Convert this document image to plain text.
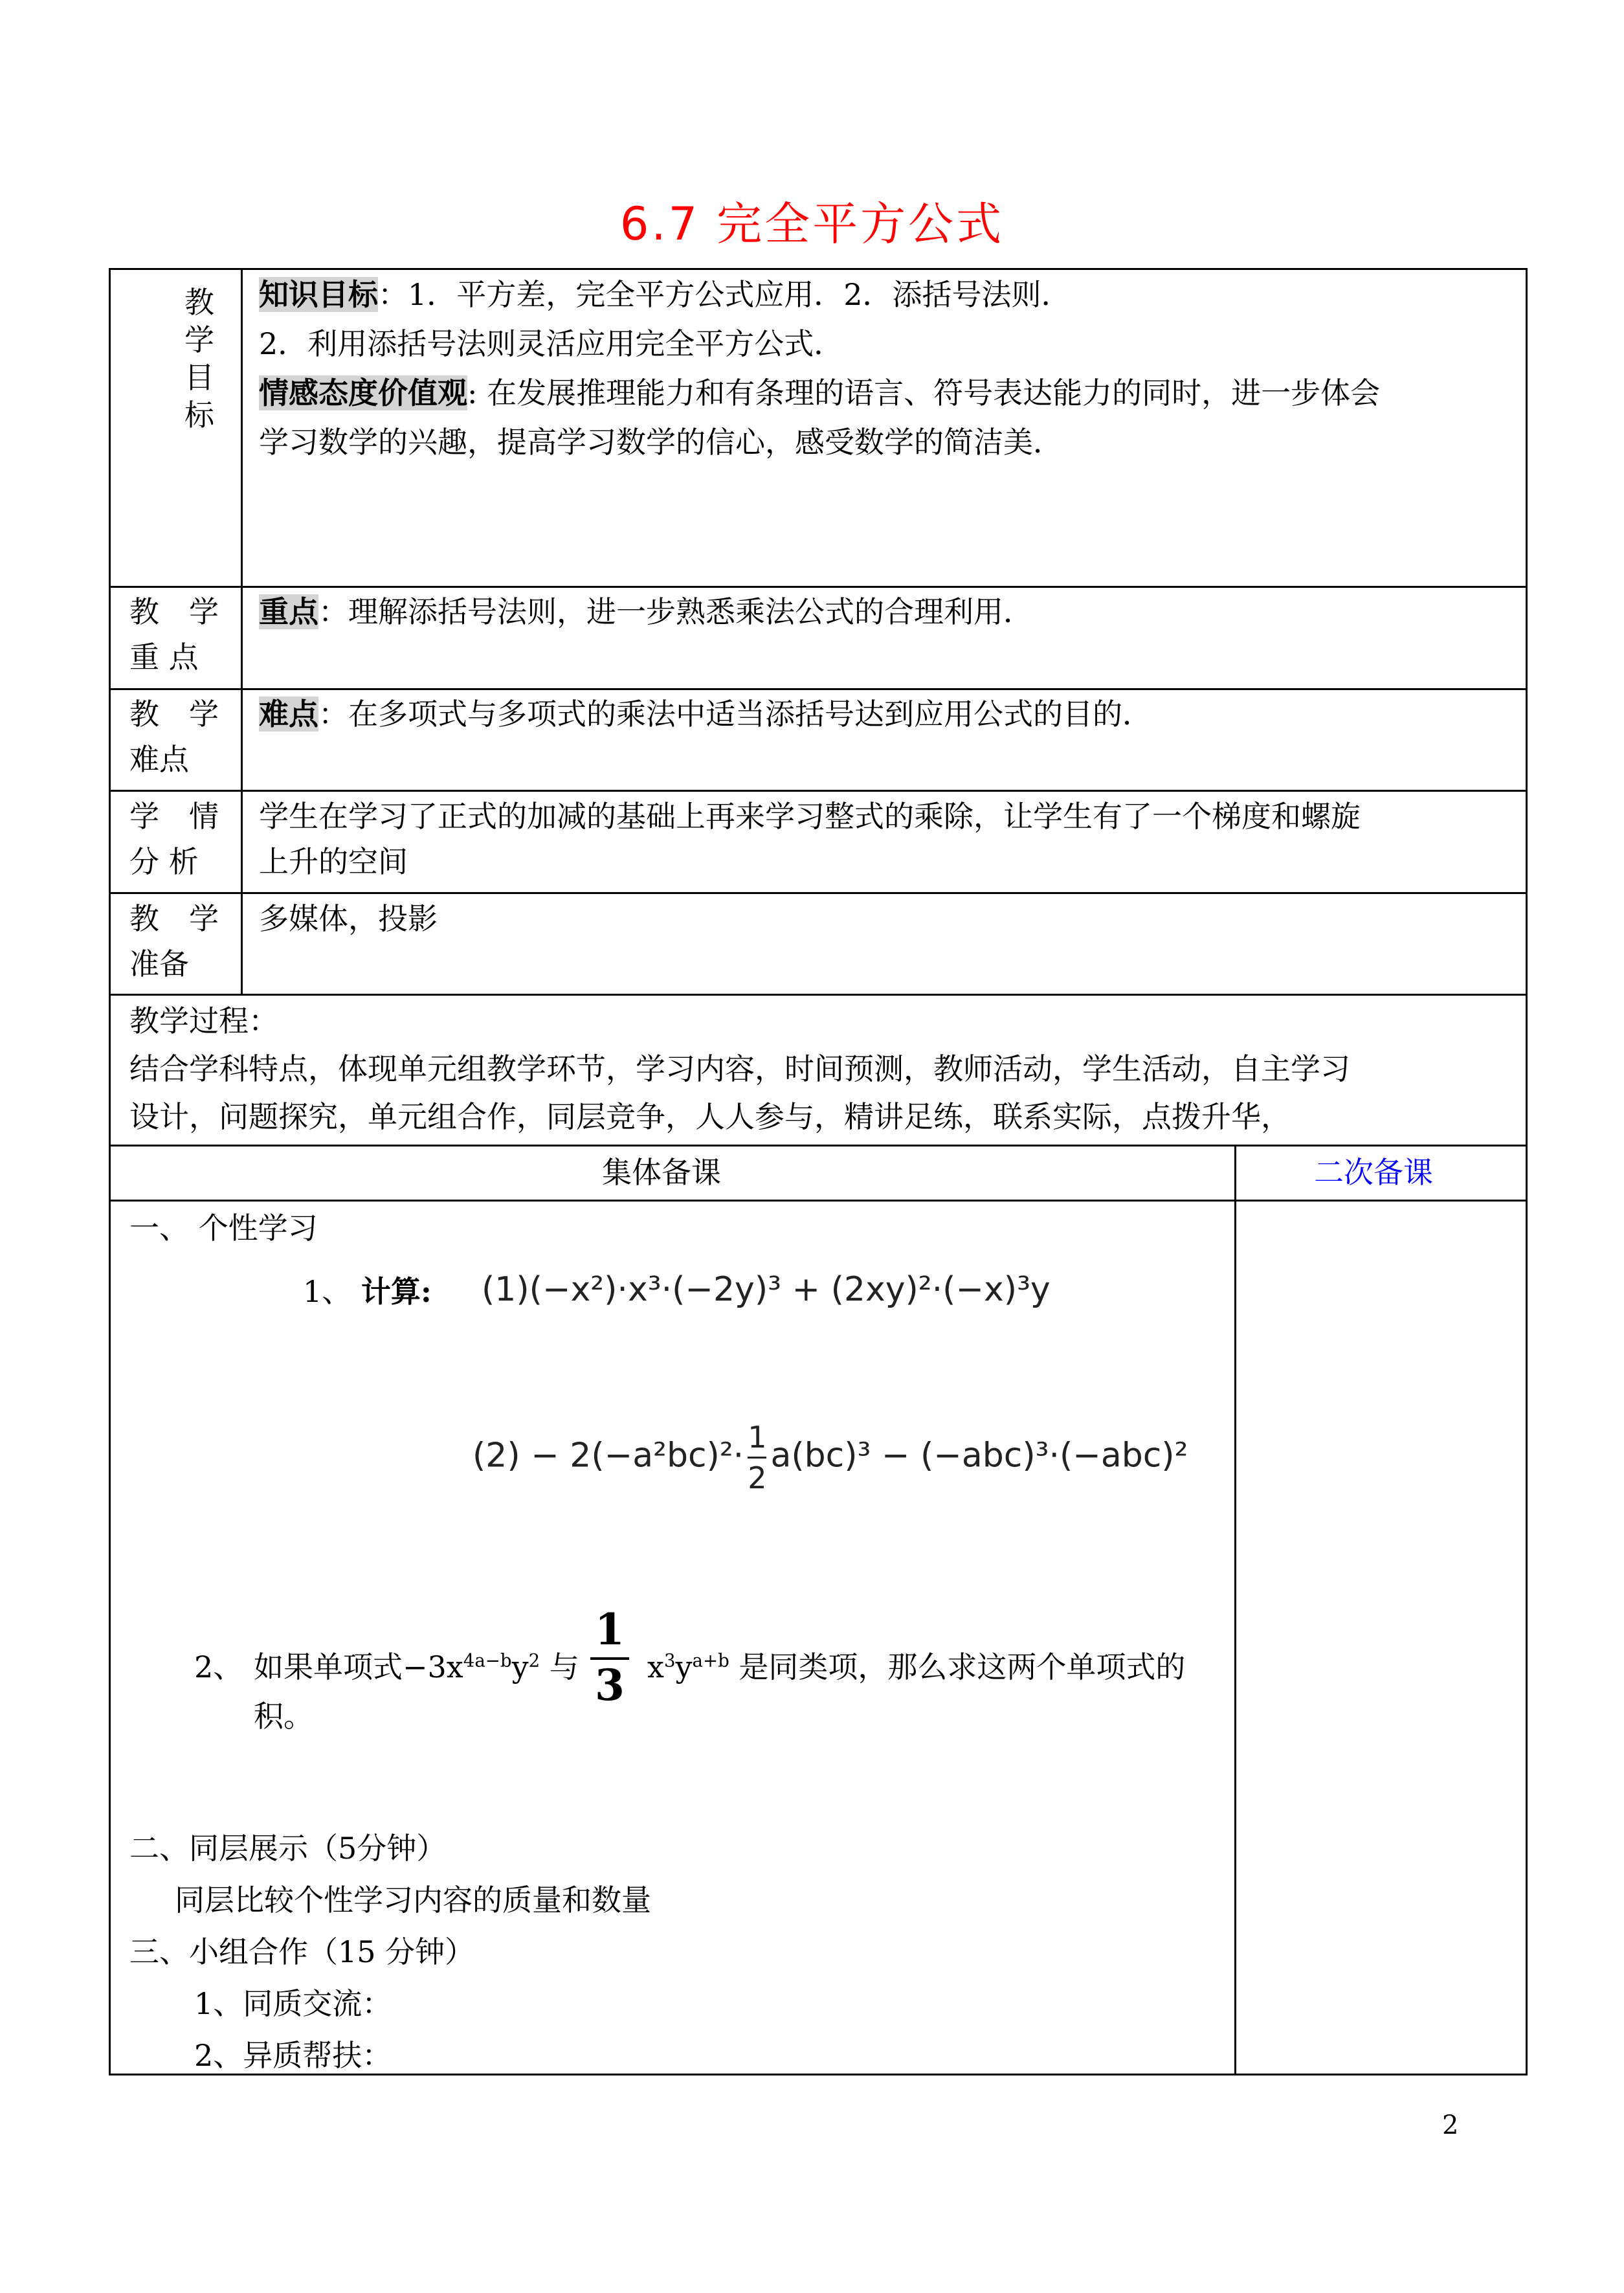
6.7 完全平方公式
教
学
目
标
知识目标：1．平方差，完全平方公式应用．2．添括号法则．
2．利用添括号法则灵活应用完全平方公式．
情感态度价值观: 在发展推理能力和有条理的语言、符号表达能力的同时，进一步体会
学习数学的兴趣，提高学习数学的信心，感受数学的简洁美．
教　学
重 点
重点：理解添括号法则，进一步熟悉乘法公式的合理利用．
教　学
难点
难点：在多项式与多项式的乘法中适当添括号达到应用公式的目的．
学　情
分 析
学生在学习了正式的加减的基础上再来学习整式的乘除，让学生有了一个梯度和螺旋
上升的空间
教　学
准备
多媒体，投影
教学过程：
结合学科特点，体现单元组教学环节，学习内容，时间预测，教师活动，学生活动，自主学习
设计，问题探究，单元组合作，同层竞争，人人参与，精讲足练，联系实际，点拨升华，
集体备课	二次备课
一、 个性学习
1、 计算: (1)(−x²)·x³·(−2y)³ + (2xy)²·(−x)³y
$(2) - 2(-a^2bc)^2\cdot \frac{1}{2} a(bc)^3 - (-abc)^3\cdot(-abc)^2$
2、 如果单项式$-3x^{4a-b}y^2$ 与
1
3 $x^3y^{a+b}$ 是同类项，那么求这两个单项式的
积。
二、同层展示（5分钟）
同层比较个性学习内容的质量和数量
三、小组合作（15 分钟）
1、同质交流：
2、异质帮扶：
2
